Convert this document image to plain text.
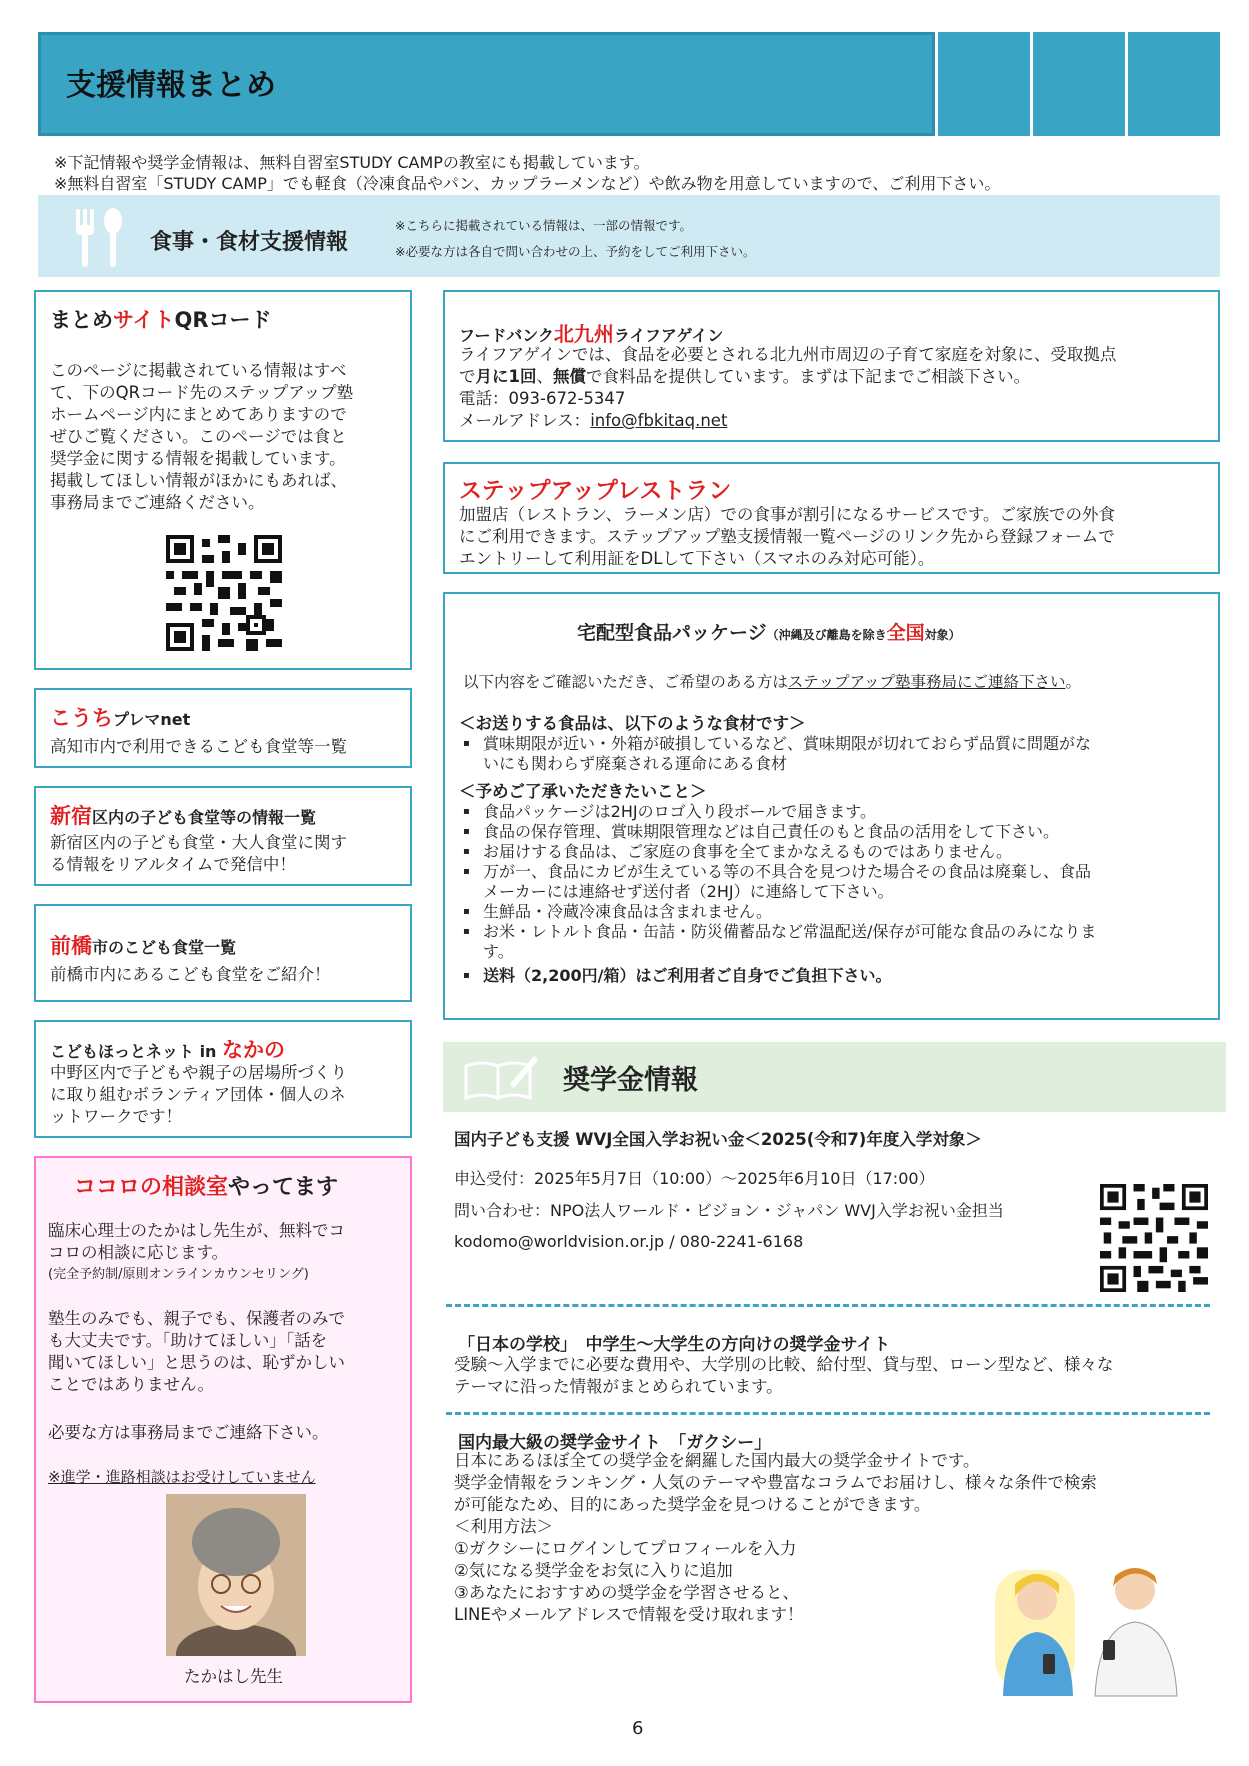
支援情報まとめ
※下記情報や奨学金情報は、無料自習室STUDY CAMPの教室にも掲載しています。
※無料自習室「STUDY CAMP」でも軽食（冷凍食品やパン、カップラーメンなど）や飲み物を用意していますので、ご利用下さい。
食事・食材支援情報
※こちらに掲載されている情報は、一部の情報です。
※必要な方は各自で問い合わせの上、予約をしてご利用下さい。
まとめサイトQRコード

このページに掲載されている情報はすべ

て、下のQRコード先のステップアップ塾

ホームページ内にまとめてありますので

ぜひご覧ください。このページでは食と

奨学金に関する情報を掲載しています。

掲載してほしい情報がほかにもあれば、

事務局までご連絡ください。

こうちプレマnet
高知市内で利用できるこども食堂等一覧
新宿区内の子ども食堂等の情報一覧

新宿区内の子ども食堂・大人食堂に関す

る情報をリアルタイムで発信中！

前橋市のこども食堂一覧
前橋市内にあるこども食堂をご紹介！
こどもほっとネット in なかの

中野区内で子どもや親子の居場所づくり

に取り組むボランティア団体・個人のネ

ットワークです！

ココロの相談室やってます

臨床心理士のたかはし先生が、無料でコ

コロの相談に応じます。

(完全予約制/原則オンラインカウンセリング)

塾生のみでも、親子でも、保護者のみで

も大丈夫です。「助けてほしい」「話を

聞いてほしい」と思うのは、恥ずかしい

ことではありません。

必要な方は事務局までご連絡下さい。
※進学・進路相談はお受けしていません
たかはし先生
フードバンク北九州ライフアゲイン

ライフアゲインでは、食品を必要とされる北九州市周辺の子育て家庭を対象に、受取拠点

で月に1回、無償で食料品を提供しています。まずは下記までご相談下さい。

電話：093-672-5347

メールアドレス：info@fbkitaq.net

ステップアップレストラン

加盟店（レストラン、ラーメン店）での食事が割引になるサービスです。ご家族での外食

にご利用できます。ステップアップ塾支援情報一覧ページのリンク先から登録フォームで

エントリーして利用証をDLして下さい（スマホのみ対応可能）。

宅配型食品パッケージ（沖縄及び離島を除き全国対象）
以下内容をご確認いただき、ご希望のある方はステップアップ塾事務局にご連絡下さい。
＜お送りする食品は、以下のような食材です＞
▪ 賞味期限が近い・外箱が破損しているなど、賞味期限が切れておらず品質に問題がな
いにも関わらず廃棄される運命にある食材
＜予めご了承いただきたいこと＞
▪ 食品パッケージは2HJのロゴ入り段ボールで届きます。
▪ 食品の保存管理、賞味期限管理などは自己責任のもと食品の活用をして下さい。
▪ お届けする食品は、ご家庭の食事を全てまかなえるものではありません。
▪ 万が一、食品にカビが生えている等の不具合を見つけた場合その食品は廃棄し、食品
メーカーには連絡せず送付者（2HJ）に連絡して下さい。
▪ 生鮮品・冷蔵冷凍食品は含まれません。
▪ お米・レトルト食品・缶詰・防災備蓄品など常温配送/保存が可能な食品のみになりま
す。
▪ 送料（2,200円/箱）はご利用者ご自身でご負担下さい。
奨学金情報
国内子ども支援 WVJ全国入学お祝い金＜2025(令和7)年度入学対象＞
申込受付：2025年5月7日（10:00）～2025年6月10日（17:00）
問い合わせ：NPO法人ワールド・ビジョン・ジャパン WVJ入学お祝い金担当
kodomo@worldvision.or.jp / 080-2241-6168
「日本の学校」　中学生～大学生の方向けの奨学金サイト

受験～入学までに必要な費用や、大学別の比較、給付型、貸与型、ローン型など、様々な

テーマに沿った情報がまとめられています。

国内最大級の奨学金サイト　「ガクシー」

日本にあるほぼ全ての奨学金を網羅した国内最大の奨学金サイトです。

奨学金情報をランキング・人気のテーマや豊富なコラムでお届けし、様々な条件で検索

が可能なため、目的にあった奨学金を見つけることができます。

＜利用方法＞

①ガクシーにログインしてプロフィールを入力

②気になる奨学金をお気に入りに追加

③あなたにおすすめの奨学金を学習させると、

LINEやメールアドレスで情報を受け取れます！

6
